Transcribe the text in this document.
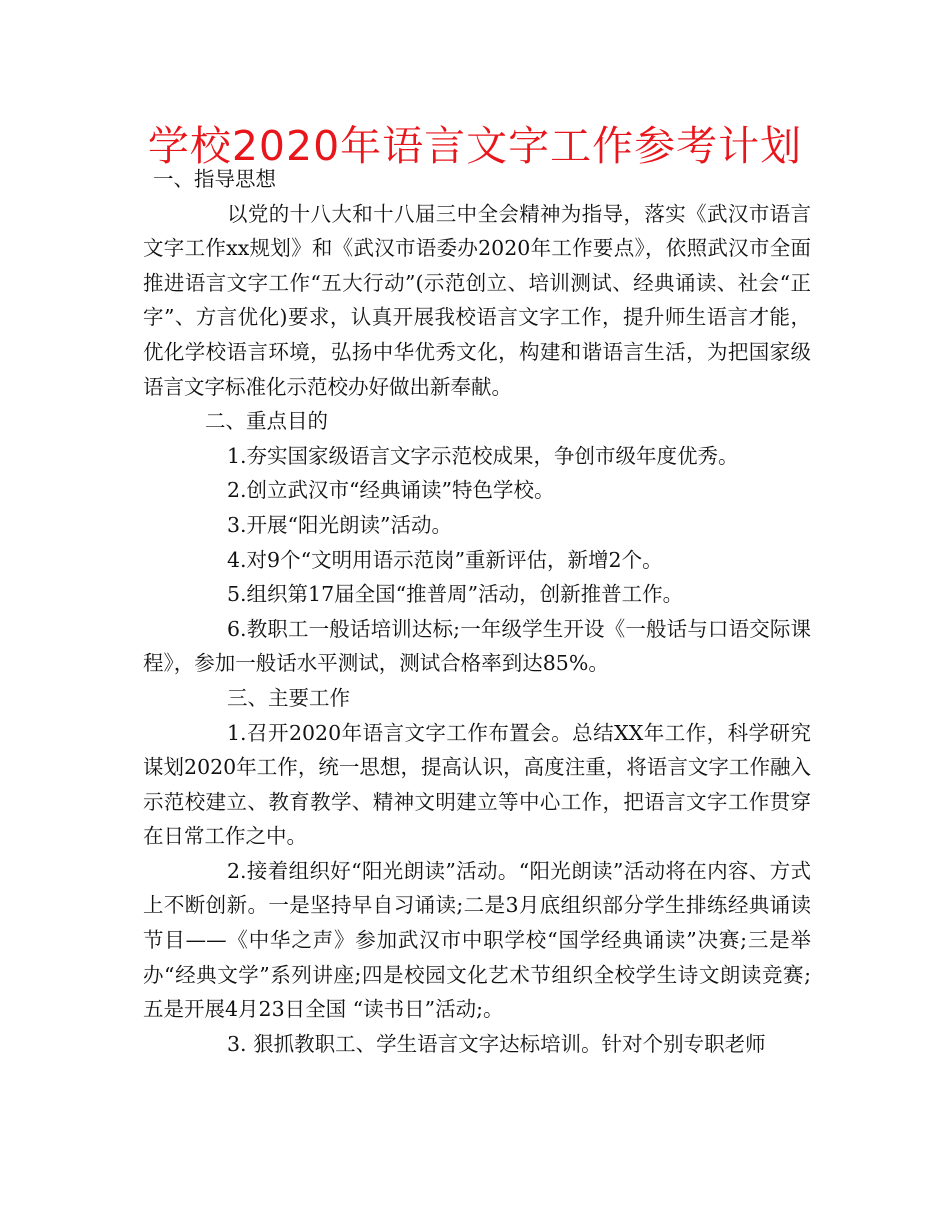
学校2020年语言文字工作参考计划

一、指导思想

以党的十八大和十八届三中全会精神为指导，落实《武汉市语言文字工作xx规划》和《武汉市语委办2020年工作要点》，依照武汉市全面推进语言文字工作“五大行动”(示范创立、培训测试、经典诵读、社会“正字”、方言优化)要求，认真开展我校语言文字工作，提升师生语言才能，优化学校语言环境，弘扬中华优秀文化，构建和谐语言生活，为把国家级语言文字标准化示范校办好做出新奉献。

二、重点目的

1.夯实国家级语言文字示范校成果，争创市级年度优秀。

2.创立武汉市“经典诵读”特色学校。

3.开展“阳光朗读”活动。

4.对9个“文明用语示范岗”重新评估，新增2个。

5.组织第17届全国“推普周”活动，创新推普工作。

6.教职工一般话培训达标;一年级学生开设《一般话与口语交际课程》，参加一般话水平测试，测试合格率到达85%。

三、主要工作

1.召开2020年语言文字工作布置会。总结XX年工作，科学研究谋划2020年工作，统一思想，提高认识，高度注重，将语言文字工作融入示范校建立、教育教学、精神文明建立等中心工作，把语言文字工作贯穿在日常工作之中。

2.接着组织好“阳光朗读”活动。“阳光朗读”活动将在内容、方式上不断创新。一是坚持早自习诵读;二是3月底组织部分学生排练经典诵读节目——《中华之声》参加武汉市中职学校“国学经典诵读”决赛;三是举办“经典文学”系列讲座;四是校园文化艺术节组织全校学生诗文朗读竞赛;五是开展4月23日全国 “读书日”活动;。

3. 狠抓教职工、学生语言文字达标培训。针对个别专职老师
